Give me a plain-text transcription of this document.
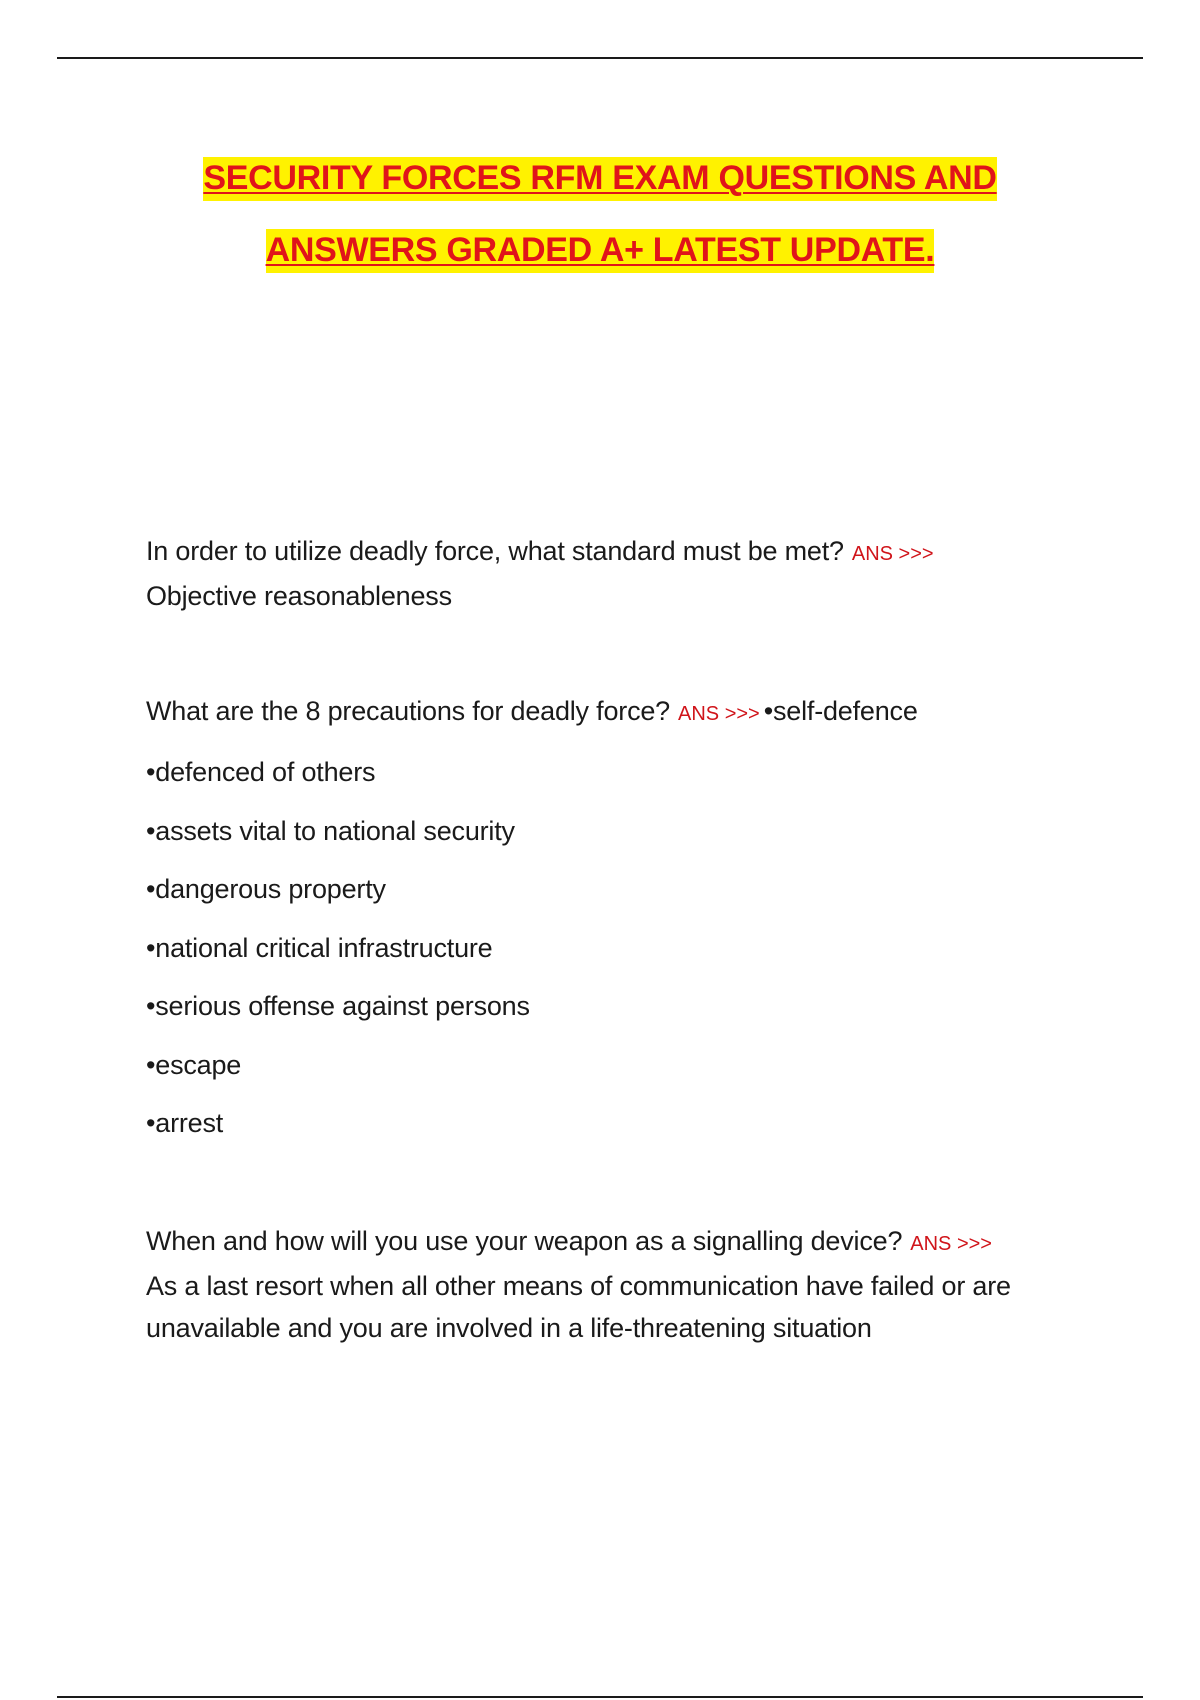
SECURITY FORCES RFM EXAM QUESTIONS AND

ANSWERS GRADED A+ LATEST UPDATE.

In order to utilize deadly force, what standard must be met? ANS >>>
Objective reasonableness

What are the 8 precautions for deadly force? ANS >>> •self-defence

•defenced of others

•assets vital to national security

•dangerous property

•national critical infrastructure

•serious offense against persons

•escape

•arrest

When and how will you use your weapon as a signalling device? ANS >>>
As a last resort when all other means of communication have failed or are unavailable and you are involved in a life-threatening situation
